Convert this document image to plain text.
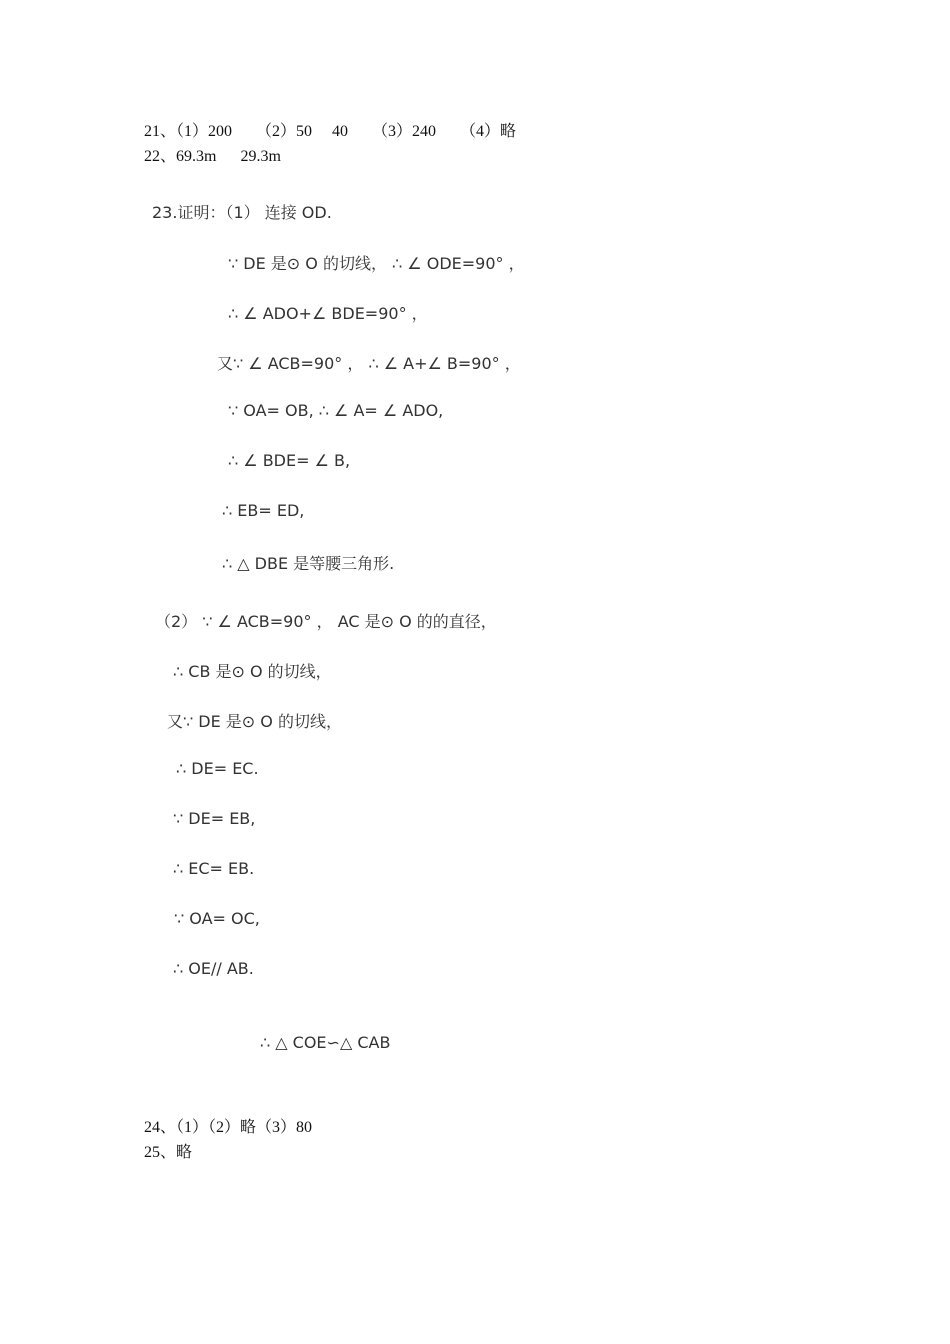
21、（1）200      （2）50     40      （3）240      （4）略
22、69.3m      29.3m
23.证明：（1） 连接 OD.
∵ DE 是⊙ O 的切线， ∴ ∠ ODE=90° ，
∴ ∠ ADO+∠ BDE=90° ，
又∵ ∠ ACB=90° ， ∴ ∠ A+∠ B=90° ，
∵ OA= OB, ∴ ∠ A= ∠ ADO,
∴ ∠ BDE= ∠ B,
∴ EB= ED,
∴ △ DBE 是等腰三角形.
（2） ∵ ∠ ACB=90° ， AC 是⊙ O 的的直径，
∴ CB 是⊙ O 的切线，
又∵ DE 是⊙ O 的切线，
∴ DE= EC.
∵ DE= EB,
∴ EC= EB.
∵ OA= OC,
∴ OE// AB.
∴ △ COE∽△ CAB
24、（1）（2）略（3）80
25、略
